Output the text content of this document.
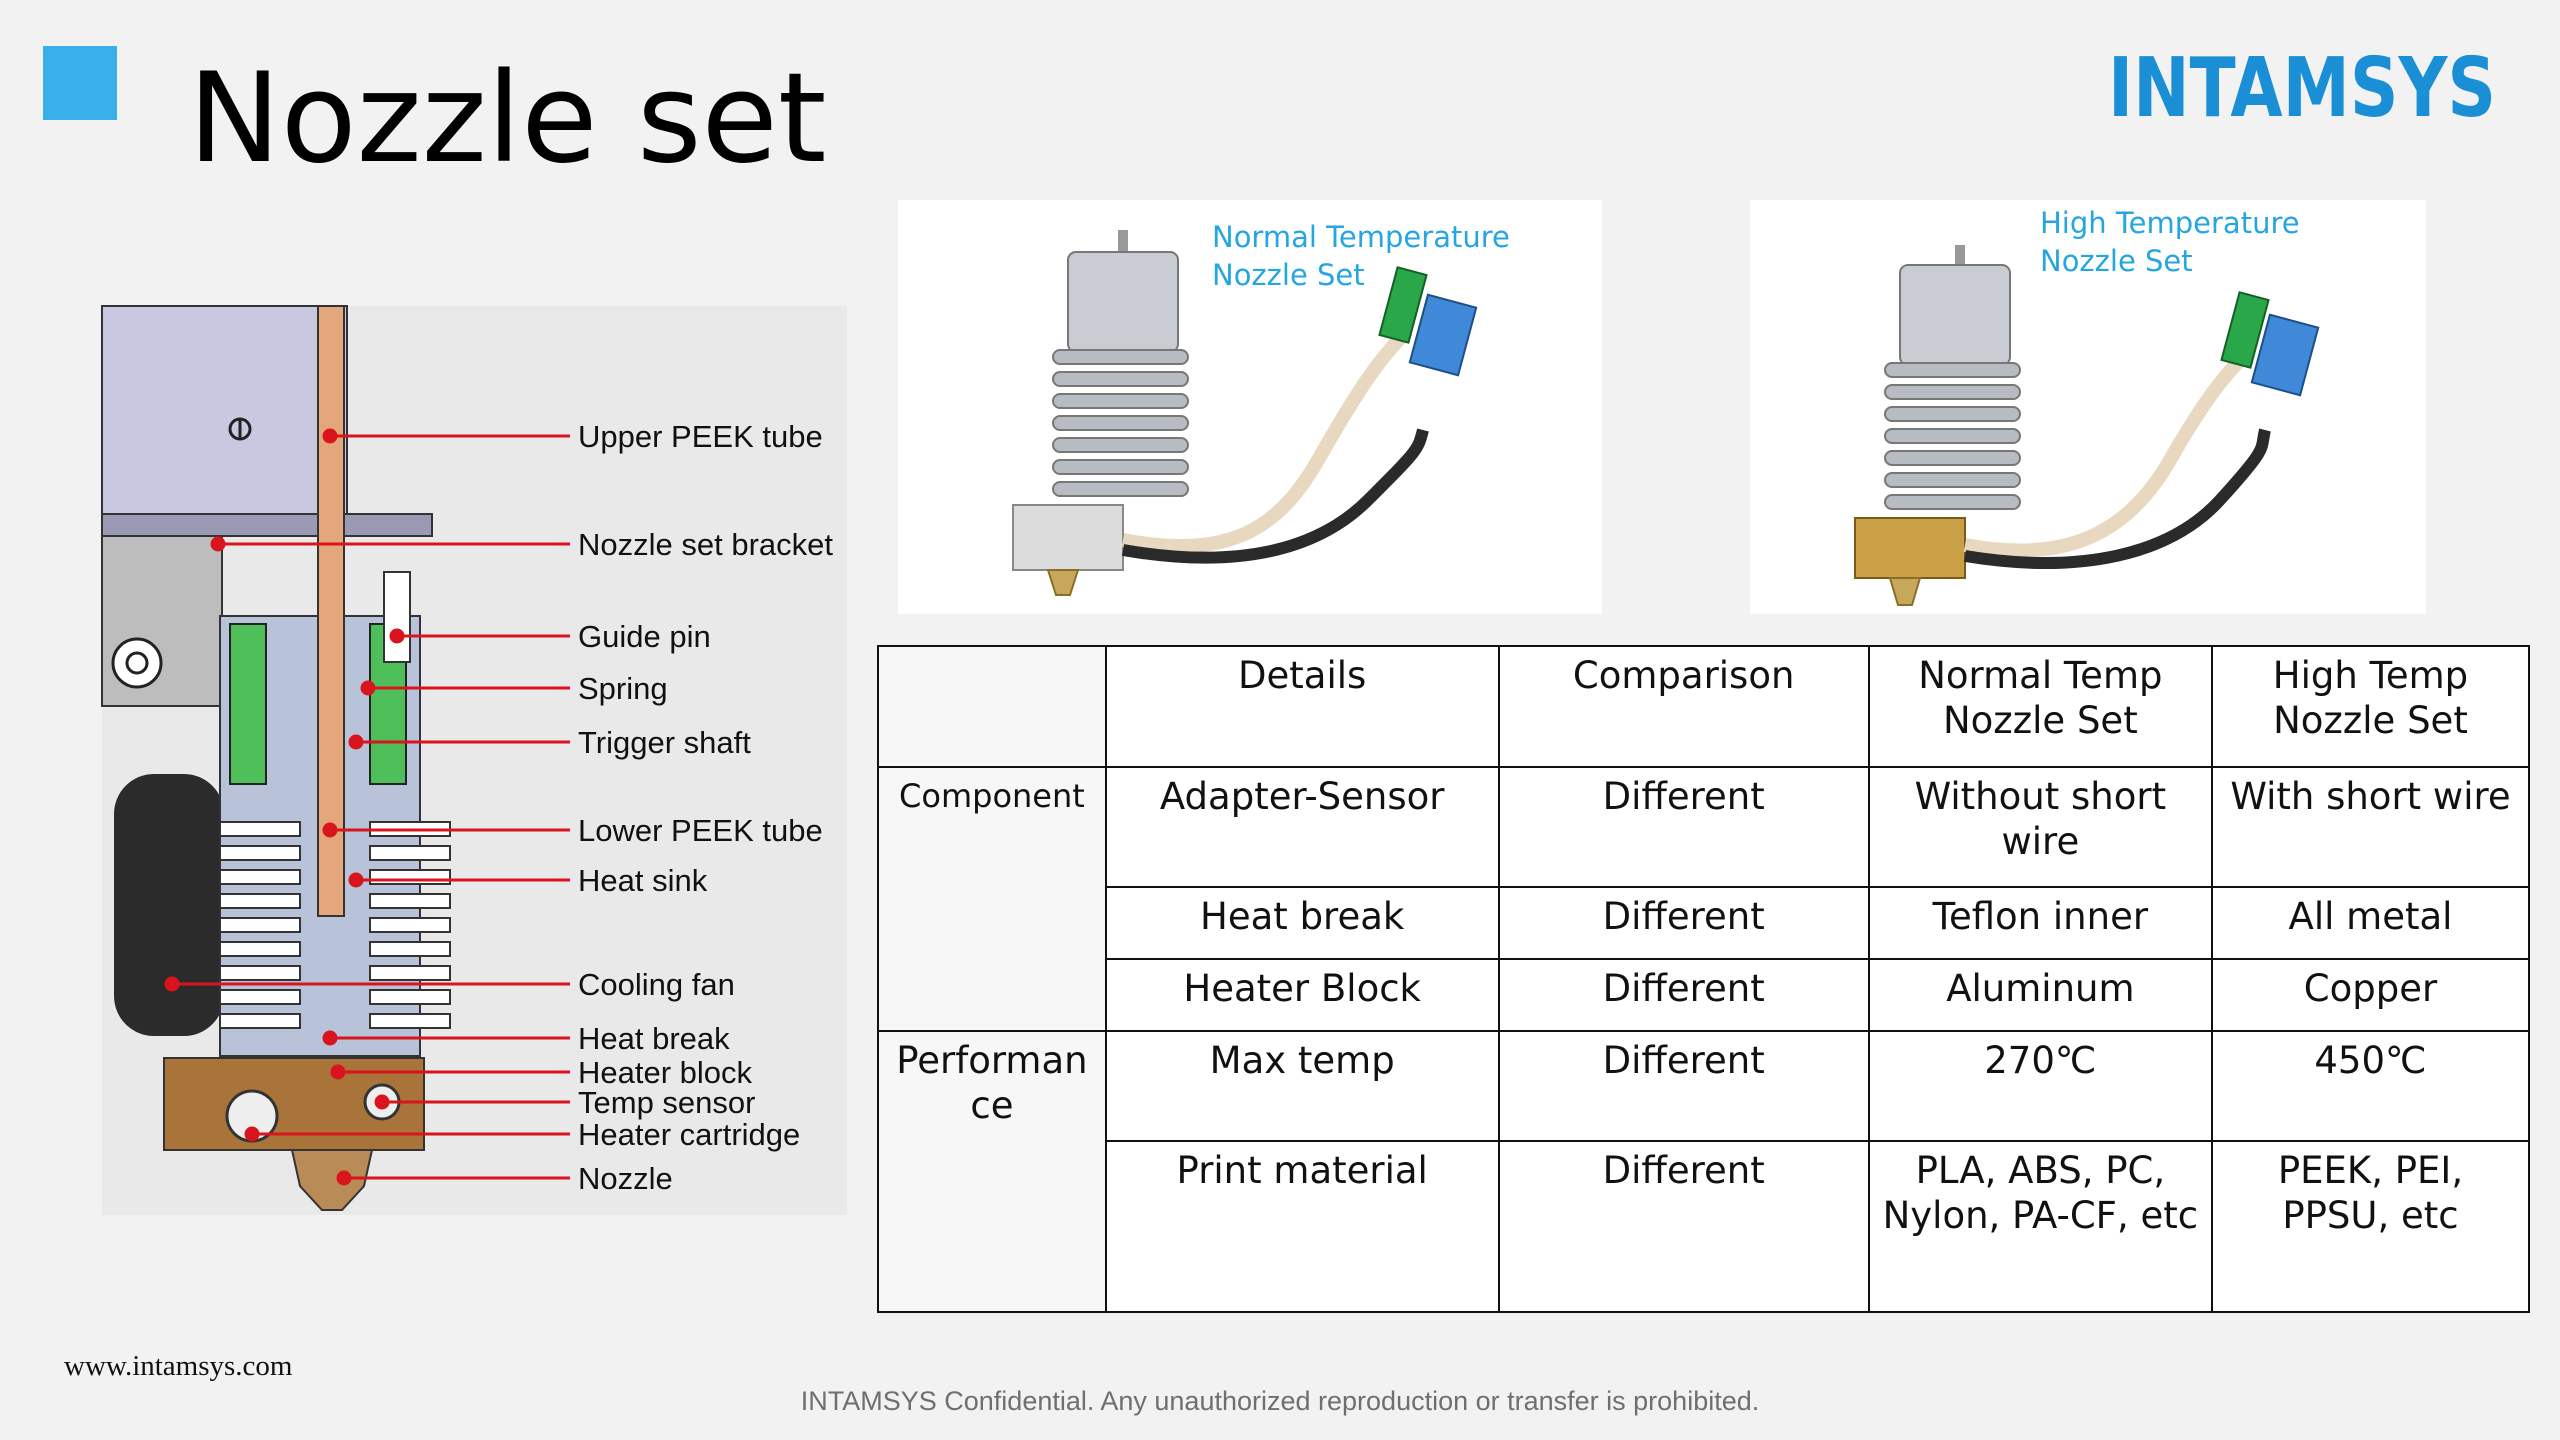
Nozzle set	INTAMSYS
Upper PEEK tube
Nozzle set bracket
Guide pin
Spring
Trigger shaft
Lower PEEK tube
Heat sink
Cooling fan
Heat break
Heater block
Temp sensor
Heater cartridge
Nozzle
Normal Temperature
Nozzle Set
High Temperature
Nozzle Set
	Details	Comparison	Normal Temp Nozzle Set	High Temp Nozzle Set
Component	Adapter-Sensor	Different	Without short wire	With short wire
	Heat break	Different	Teflon inner	All metal
	Heater Block	Different	Aluminum	Copper
Performance	Max temp	Different	270℃	450℃
	Print material	Different	PLA, ABS, PC, Nylon, PA-CF, etc	PEEK, PEI, PPSU, etc
www.intamsys.com
INTAMSYS Confidential. Any unauthorized reproduction or transfer is prohibited.
